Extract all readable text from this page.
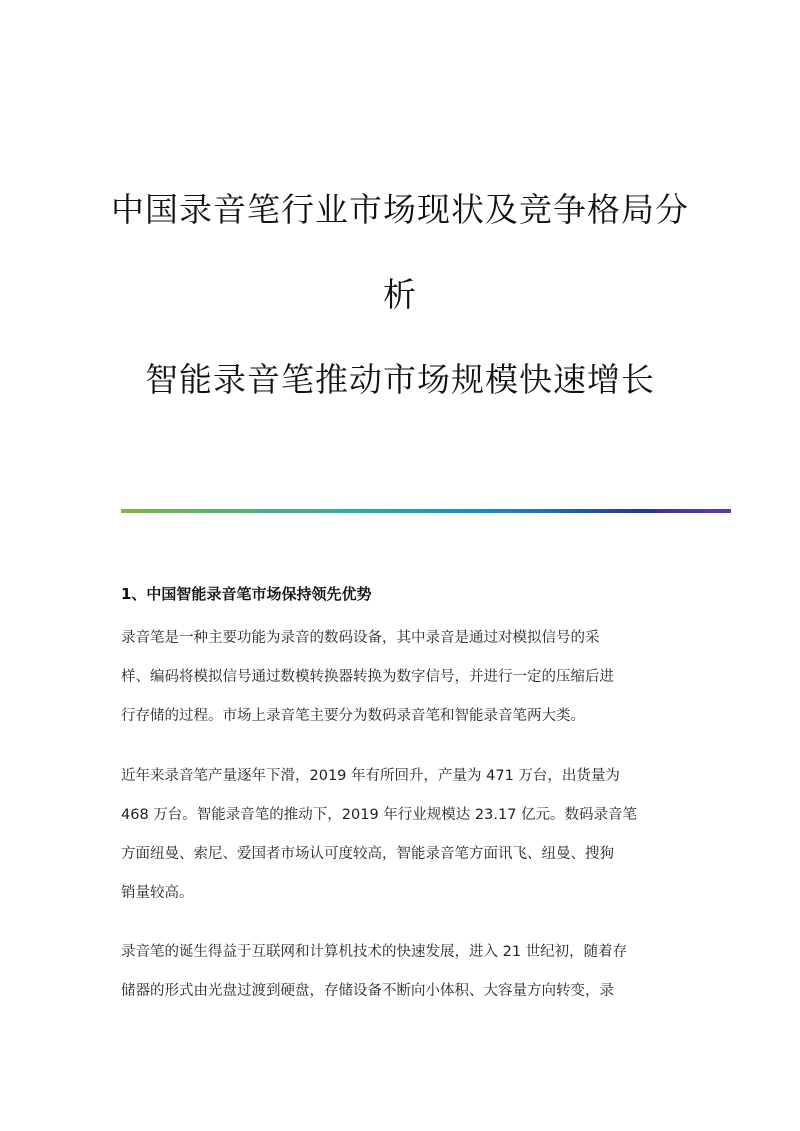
中国录音笔行业市场现状及竞争格局分
析
智能录音笔推动市场规模快速增长
1、中国智能录音笔市场保持领先优势
录音笔是一种主要功能为录音的数码设备，其中录音是通过对模拟信号的采
样、编码将模拟信号通过数模转换器转换为数字信号，并进行一定的压缩后进
行存储的过程。市场上录音笔主要分为数码录音笔和智能录音笔两大类。
近年来录音笔产量逐年下滑，2019 年有所回升，产量为 471 万台，出货量为
468 万台。智能录音笔的推动下，2019 年行业规模达 23.17 亿元。数码录音笔
方面纽曼、索尼、爱国者市场认可度较高，智能录音笔方面讯飞、纽曼、搜狗
销量较高。
录音笔的诞生得益于互联网和计算机技术的快速发展，进入 21 世纪初，随着存
储器的形式由光盘过渡到硬盘，存储设备不断向小体积、大容量方向转变，录
